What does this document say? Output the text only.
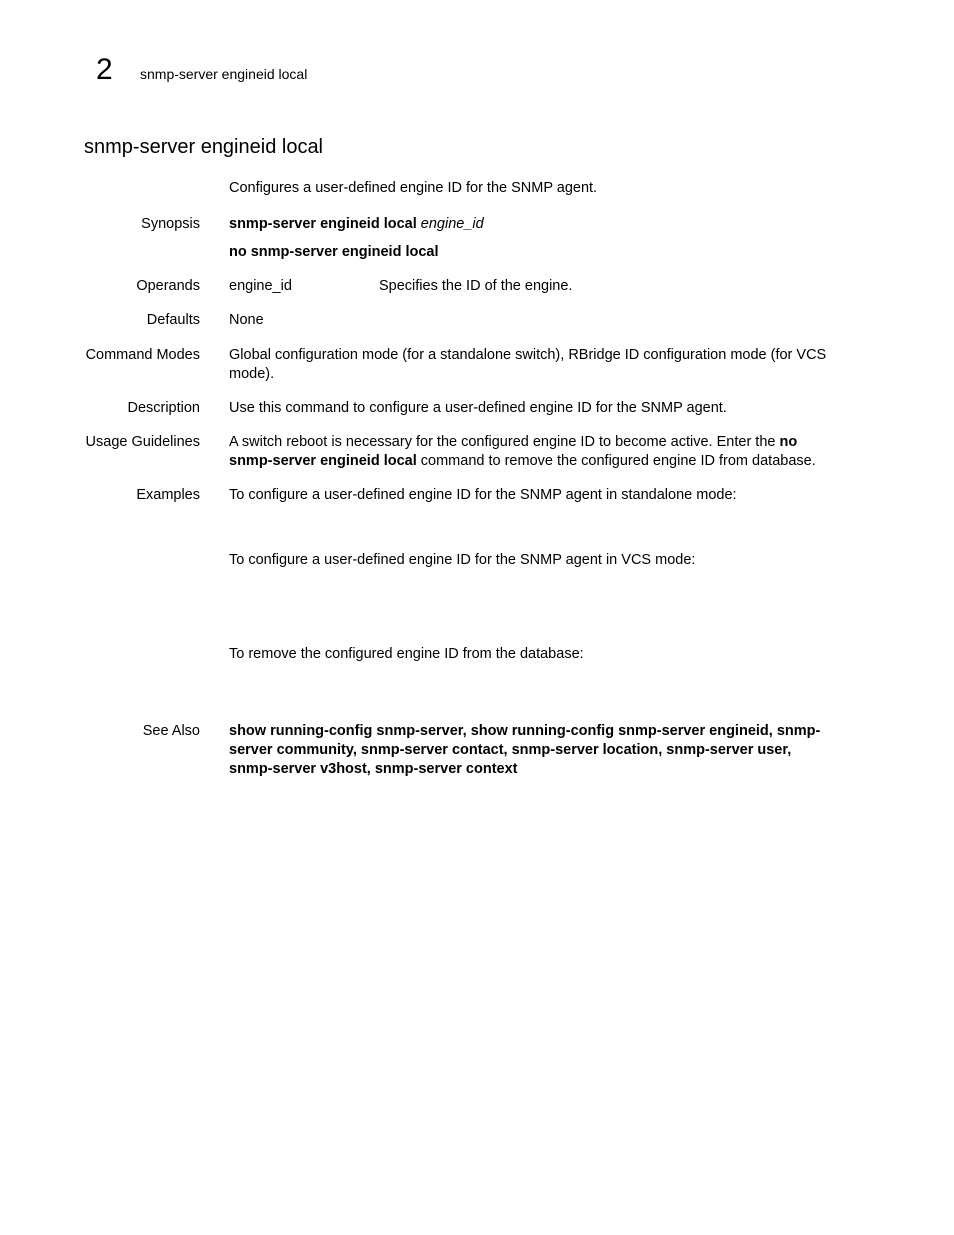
2 snmp-server engineid local
snmp-server engineid local
Configures a user-defined engine ID for the SNMP agent.
Synopsis snmp-server engineid local engine_id
no snmp-server engineid local
Operands engine_id	Specifies the ID of the engine.
Defaults None
Command Modes Global configuration mode (for a standalone switch), RBridge ID configuration mode (for VCS mode).
Description Use this command to configure a user-defined engine ID for the SNMP agent.
Usage Guidelines A switch reboot is necessary for the configured engine ID to become active. Enter the no snmp-server engineid local command to remove the configured engine ID from database.
Examples To configure a user-defined engine ID for the SNMP agent in standalone mode:
To configure a user-defined engine ID for the SNMP agent in VCS mode:
To remove the configured engine ID from the database:
See Also show running-config snmp-server, show running-config snmp-server engineid, snmp-server community, snmp-server contact, snmp-server location, snmp-server user, snmp-server v3host, snmp-server context
